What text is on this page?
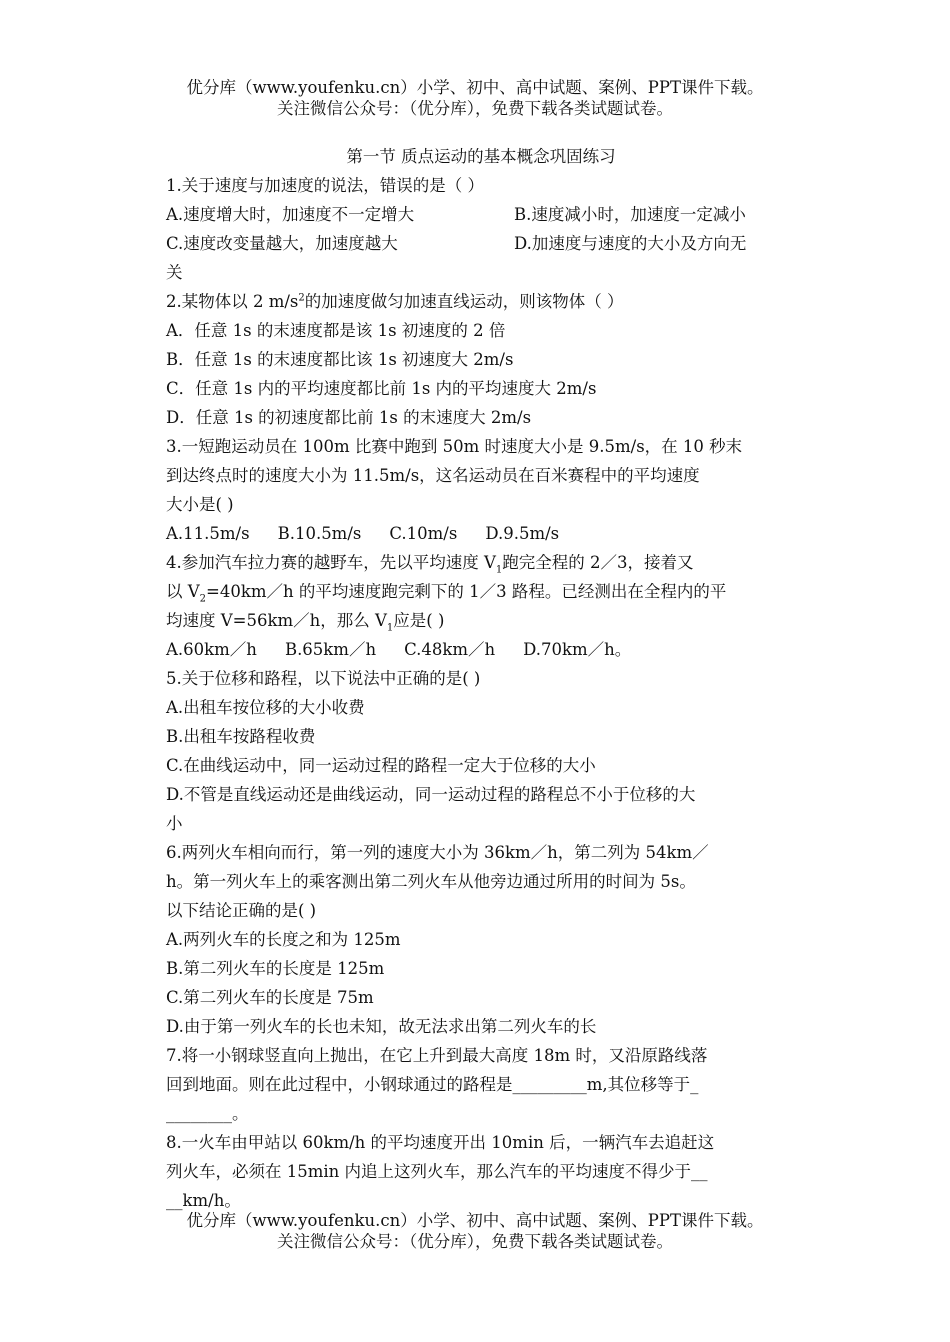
优分库（www.youfenku.cn）小学、初中、高中试题、案例、PPT课件下载。
关注微信公众号：（优分库），免费下载各类试题试卷。
第一节 质点运动的基本概念巩固练习
1.关于速度与加速度的说法，错误的是（ ）
A.速度增大时，加速度不一定增大	B.速度减小时，加速度一定减小
C.速度改变量越大，加速度越大	D.加速度与速度的大小及方向无
关
2.某物体以 2 $m/s^2$的加速度做匀加速直线运动，则该物体（ ）
A．任意 1s 的末速度都是该 1s 初速度的 2 倍
B．任意 1s 的末速度都比该 1s 初速度大 2m/s
C．任意 1s 内的平均速度都比前 1s 内的平均速度大 2m/s
D．任意 1s 的初速度都比前 1s 的末速度大 2m/s
3.一短跑运动员在 100m 比赛中跑到 50m 时速度大小是 9.5m/s，在 10 秒末
到达终点时的速度大小为 11.5m/s，这名运动员在百米赛程中的平均速度
大小是( )
A.11.5m/s B.10.5m/s C.10m/s D.9.5m/s
4.参加汽车拉力赛的越野车，先以平均速度 $V_1$跑完全程的 2／3，接着又
以 $V_2=40km/h$ 的平均速度跑完剩下的 1／3 路程。已经测出在全程内的平
均速度 V=56km／h，那么 $V_1$应是( )
A.60km／h B.65km／h C.48km／h D.70km／h。
5.关于位移和路程，以下说法中正确的是( )
A.出租车按位移的大小收费
B.出租车按路程收费
C.在曲线运动中，同一运动过程的路程一定大于位移的大小
D.不管是直线运动还是曲线运动，同一运动过程的路程总不小于位移的大
小
6.两列火车相向而行，第一列的速度大小为 36km／h，第二列为 54km／
h。第一列火车上的乘客测出第二列火车从他旁边通过所用的时间为 5s。
以下结论正确的是( )
A.两列火车的长度之和为 125m
B.第二列火车的长度是 125m
C.第二列火车的长度是 75m
D.由于第一列火车的长也未知，故无法求出第二列火车的长
7.将一小钢球竖直向上抛出，在它上升到最大高度 18m 时，又沿原路线落
回到地面。则在此过程中，小钢球通过的路程是_________m,其位移等于_
________。
8.一火车由甲站以 60km/h 的平均速度开出 10min 后，一辆汽车去追赶这
列火车，必须在 15min 内追上这列火车，那么汽车的平均速度不得少于__
__km/h。
优分库（www.youfenku.cn）小学、初中、高中试题、案例、PPT课件下载。
关注微信公众号：（优分库），免费下载各类试题试卷。
